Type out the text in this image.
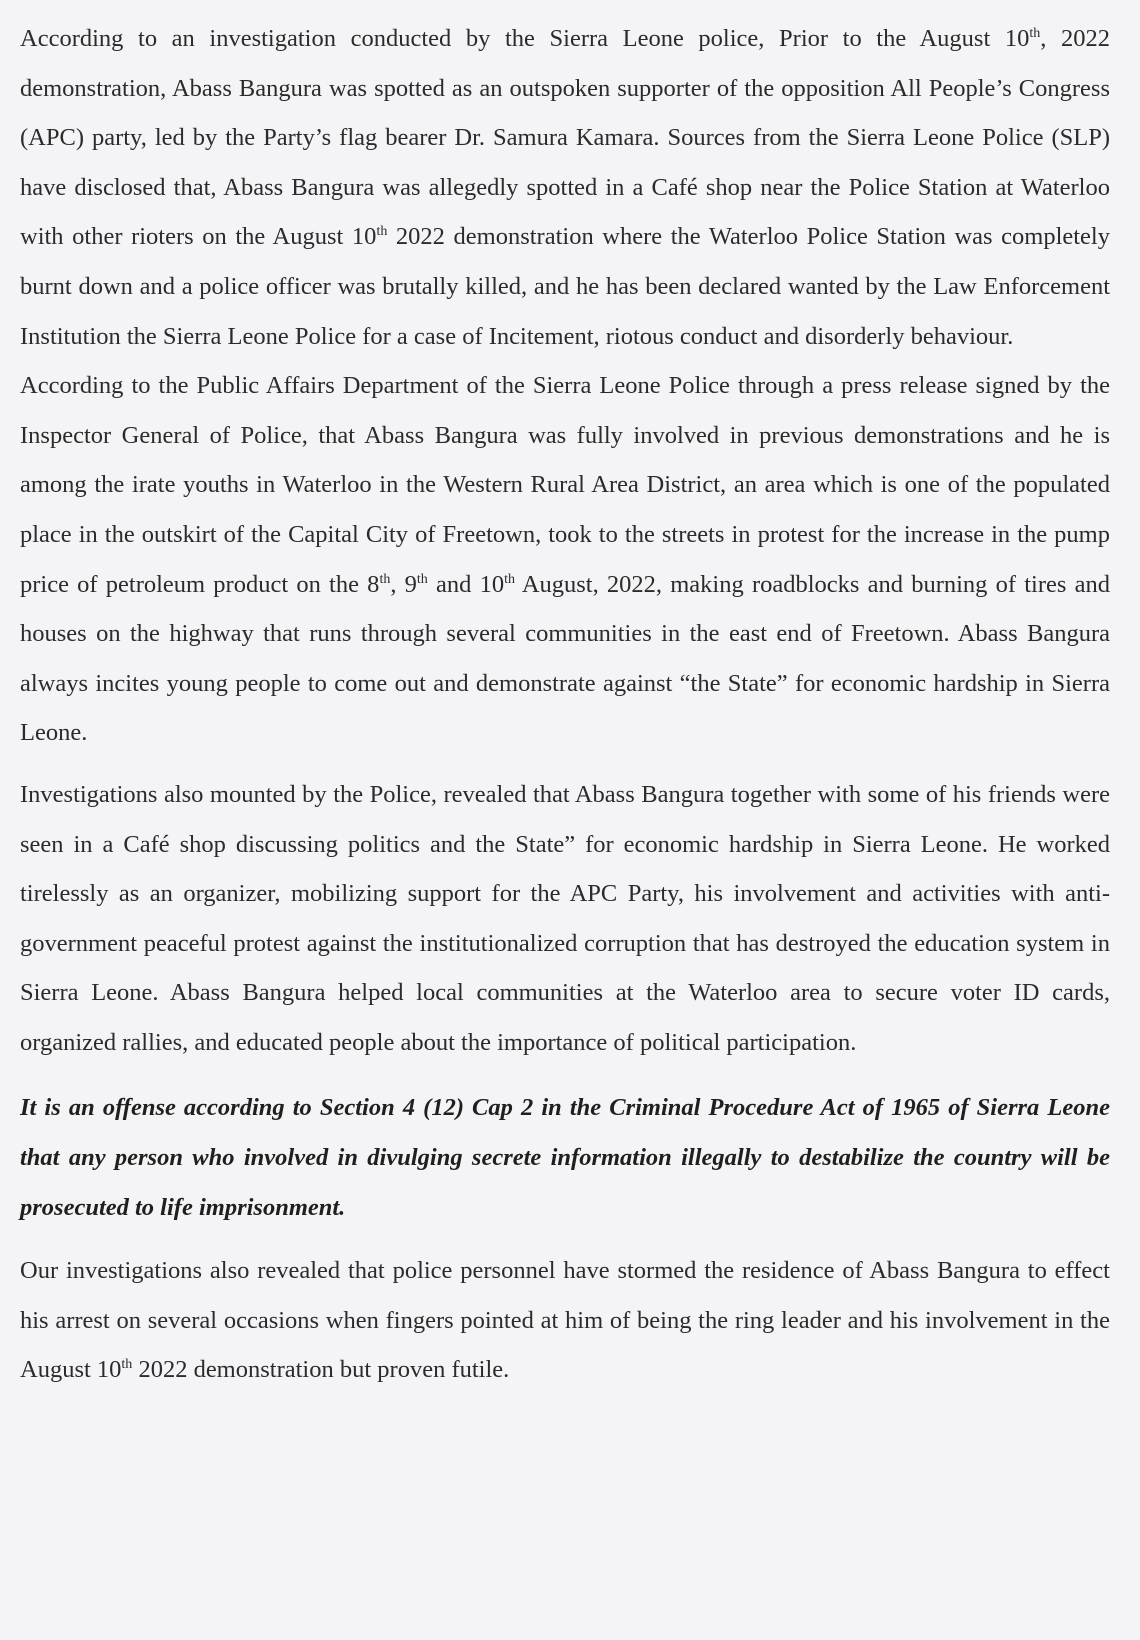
According to an investigation conducted by the Sierra Leone police, Prior to the August 10th, 2022 demonstration, Abass Bangura was spotted as an outspoken supporter of the opposition All People’s Congress (APC) party, led by the Party’s flag bearer Dr. Samura Kamara. Sources from the Sierra Leone Police (SLP) have disclosed that, Abass Bangura was allegedly spotted in a Café shop near the Police Station at Waterloo with other rioters on the August 10th 2022 demonstration where the Waterloo Police Station was completely burnt down and a police officer was brutally killed, and he has been declared wanted by the Law Enforcement Institution the Sierra Leone Police for a case of Incitement, riotous conduct and disorderly behaviour.

According to the Public Affairs Department of the Sierra Leone Police through a press release signed by the Inspector General of Police, that Abass Bangura was fully involved in previous demonstrations and he is among the irate youths in Waterloo in the Western Rural Area District, an area which is one of the populated place in the outskirt of the Capital City of Freetown, took to the streets in protest for the increase in the pump price of petroleum product on the 8th, 9th and 10th August, 2022, making roadblocks and burning of tires and houses on the highway that runs through several communities in the east end of Freetown. Abass Bangura always incites young people to come out and demonstrate against “the State” for economic hardship in Sierra Leone.

Investigations also mounted by the Police, revealed that Abass Bangura together with some of his friends were seen in a Café shop discussing politics and the State” for economic hardship in Sierra Leone. He worked tirelessly as an organizer, mobilizing support for the APC Party, his involvement and activities with anti-government peaceful protest against the institutionalized corruption that has destroyed the education system in Sierra Leone. Abass Bangura helped local communities at the Waterloo area to secure voter ID cards, organized rallies, and educated people about the importance of political participation.

It is an offense according to Section 4 (12) Cap 2 in the Criminal Procedure Act of 1965 of Sierra Leone that any person who involved in divulging secrete information illegally to destabilize the country will be prosecuted to life imprisonment.

Our investigations also revealed that police personnel have stormed the residence of Abass Bangura to effect his arrest on several occasions when fingers pointed at him of being the ring leader and his involvement in the August 10th 2022 demonstration but proven futile.
